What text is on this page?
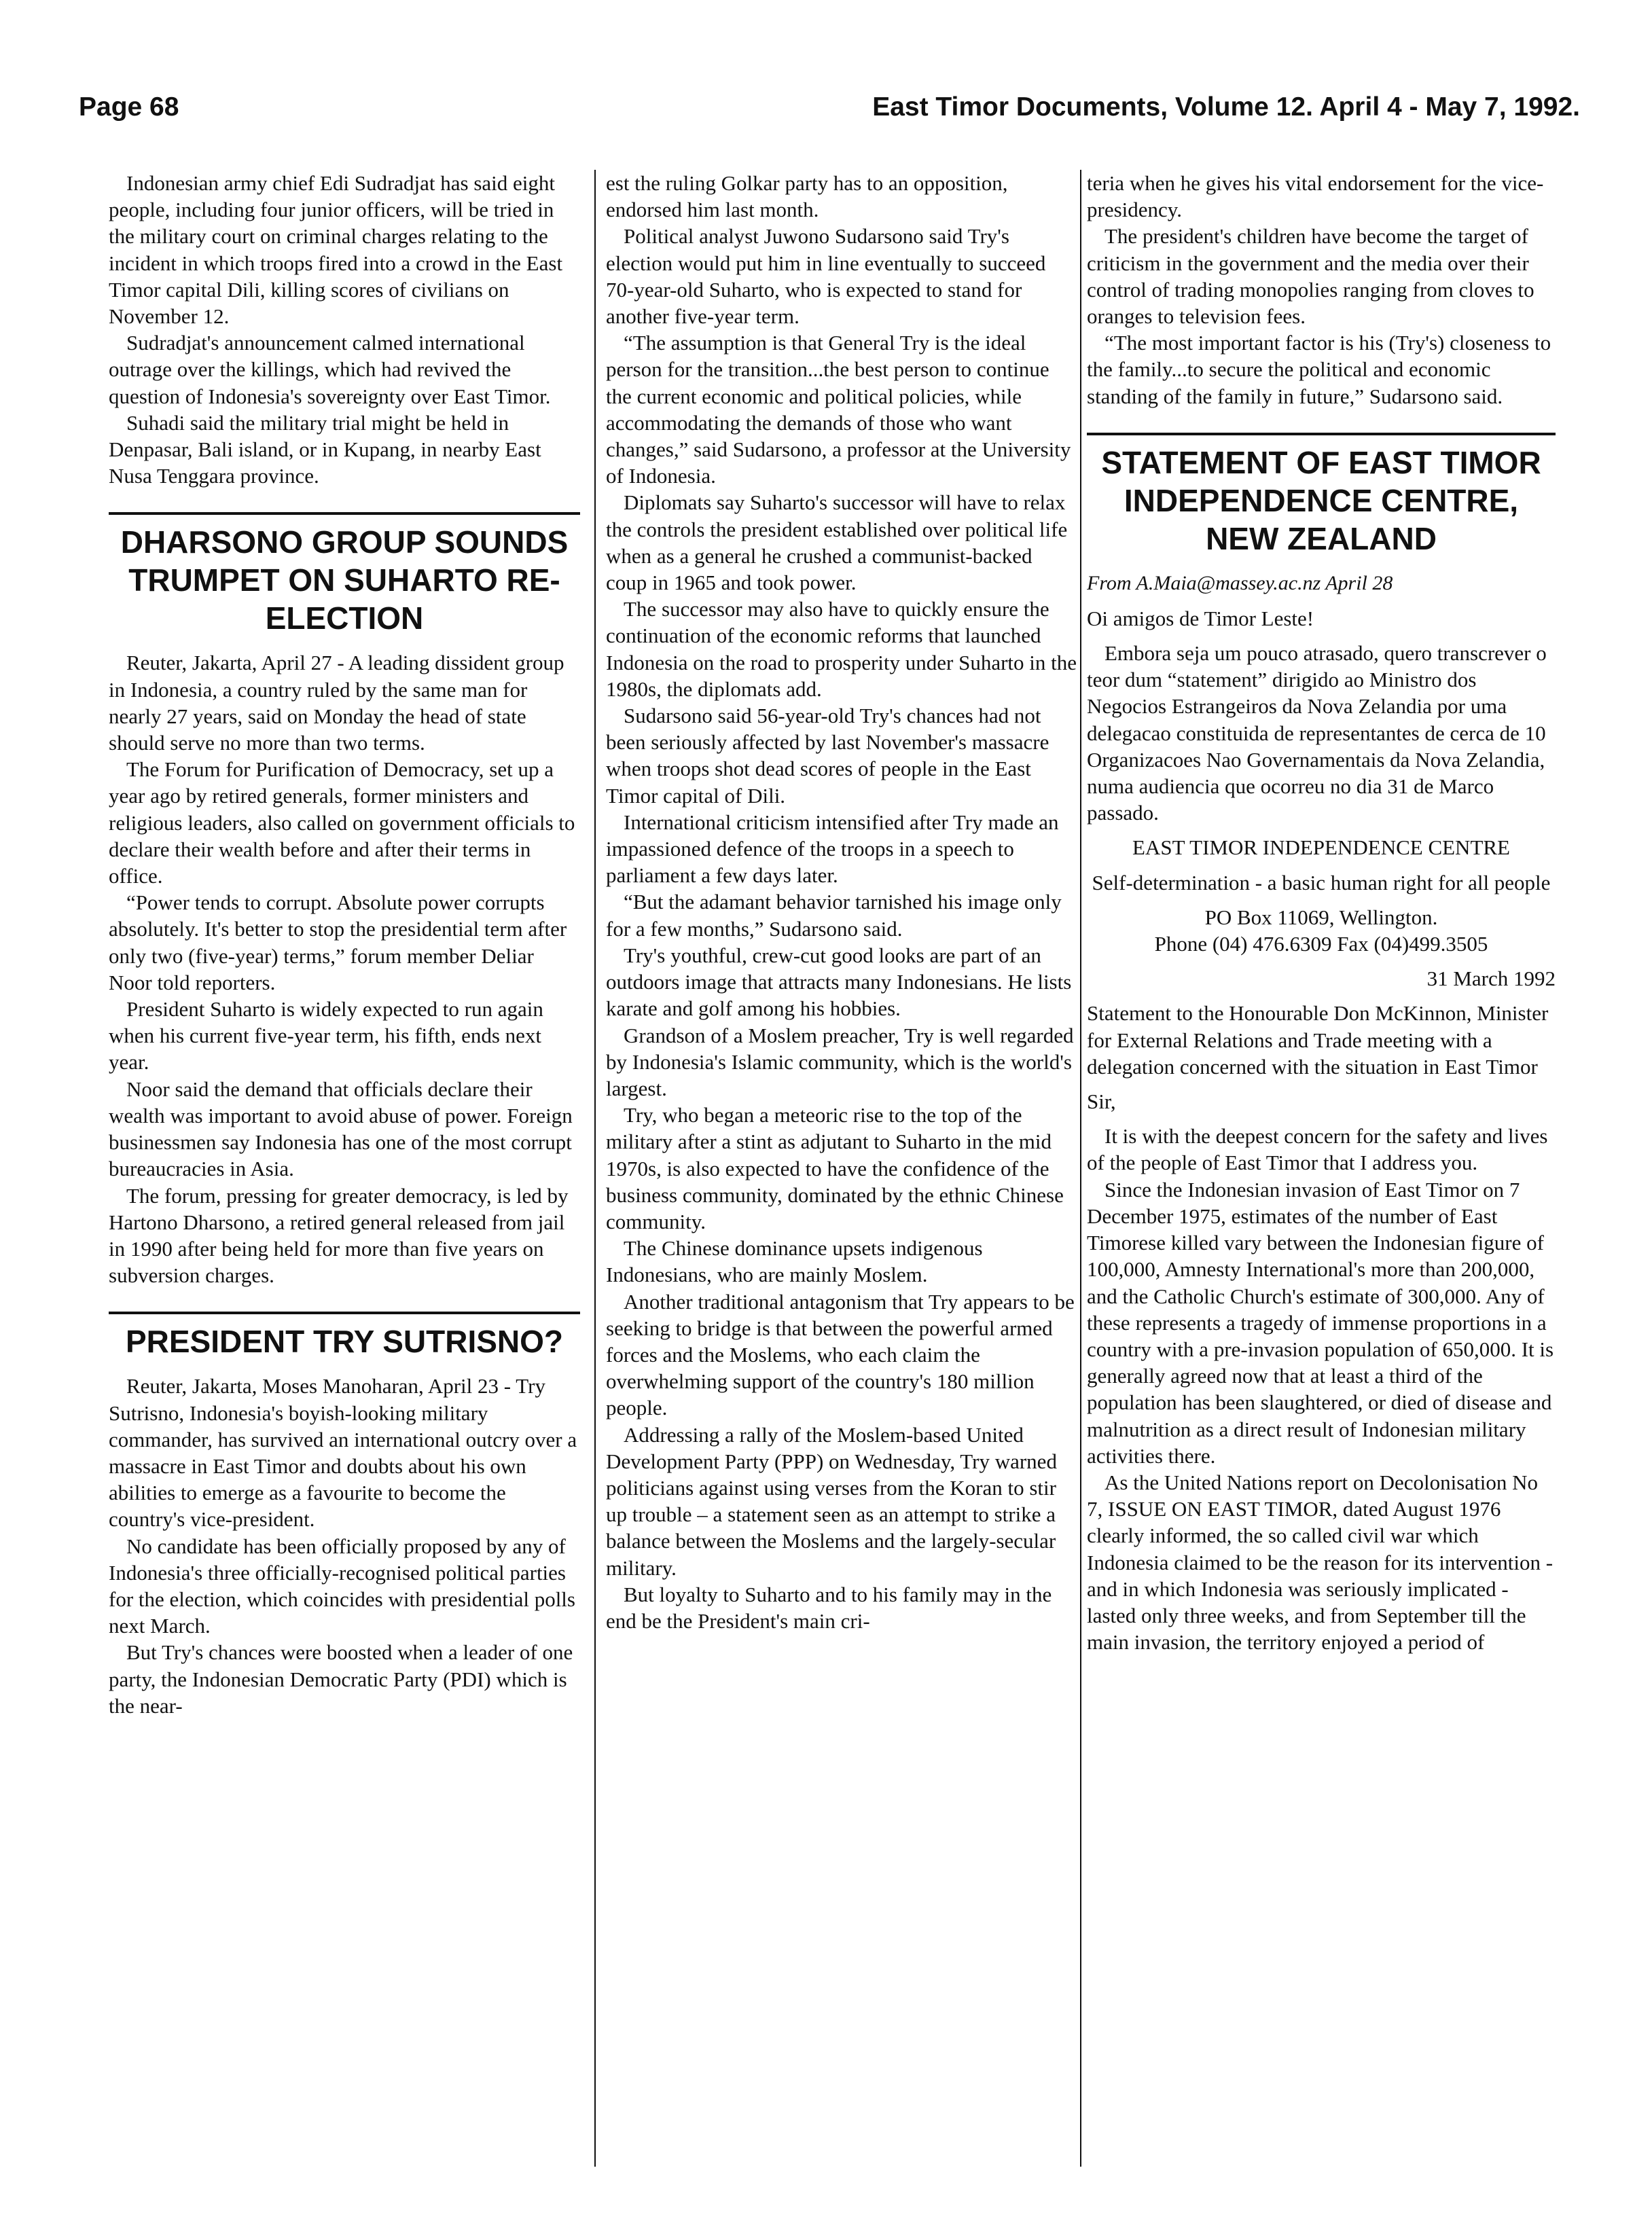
Page 68	East Timor Documents, Volume 12. April 4 - May 7, 1992.

Indonesian army chief Edi Sudradjat has said eight people, including four junior officers, will be tried in the military court on criminal charges relating to the incident in which troops fired into a crowd in the East Timor capital Dili, killing scores of civilians on November 12.

Sudradjat's announcement calmed international outrage over the killings, which had revived the question of Indonesia's sovereignty over East Timor.

Suhadi said the military trial might be held in Denpasar, Bali island, or in Kupang, in nearby East Nusa Tenggara province.

DHARSONO GROUP SOUNDS TRUMPET ON SUHARTO RE-ELECTION

Reuter, Jakarta, April 27 - A leading dissident group in Indonesia, a country ruled by the same man for nearly 27 years, said on Monday the head of state should serve no more than two terms.

The Forum for Purification of Democracy, set up a year ago by retired generals, former ministers and religious leaders, also called on government officials to declare their wealth before and after their terms in office.

“Power tends to corrupt. Absolute power corrupts absolutely. It's better to stop the presidential term after only two (five-year) terms,” forum member Deliar Noor told reporters.

President Suharto is widely expected to run again when his current five-year term, his fifth, ends next year.

Noor said the demand that officials declare their wealth was important to avoid abuse of power. Foreign businessmen say Indonesia has one of the most corrupt bureaucracies in Asia.

The forum, pressing for greater democracy, is led by Hartono Dharsono, a retired general released from jail in 1990 after being held for more than five years on subversion charges.

PRESIDENT TRY SUTRISNO?

Reuter, Jakarta, Moses Manoharan, April 23 - Try Sutrisno, Indonesia's boyish-looking military commander, has survived an international outcry over a massacre in East Timor and doubts about his own abilities to emerge as a favourite to become the country's vice-president.

No candidate has been officially proposed by any of Indonesia's three officially-recognised political parties for the election, which coincides with presidential polls next March.

But Try's chances were boosted when a leader of one party, the Indonesian Democratic Party (PDI) which is the near-

est the ruling Golkar party has to an opposition, endorsed him last month.

Political analyst Juwono Sudarsono said Try's election would put him in line eventually to succeed 70-year-old Suharto, who is expected to stand for another five-year term.

“The assumption is that General Try is the ideal person for the transition...the best person to continue the current economic and political policies, while accommodating the demands of those who want changes,” said Sudarsono, a professor at the University of Indonesia.

Diplomats say Suharto's successor will have to relax the controls the president established over political life when as a general he crushed a communist-backed coup in 1965 and took power.

The successor may also have to quickly ensure the continuation of the economic reforms that launched Indonesia on the road to prosperity under Suharto in the 1980s, the diplomats add.

Sudarsono said 56-year-old Try's chances had not been seriously affected by last November's massacre when troops shot dead scores of people in the East Timor capital of Dili.

International criticism intensified after Try made an impassioned defence of the troops in a speech to parliament a few days later.

“But the adamant behavior tarnished his image only for a few months,” Sudarsono said.

Try's youthful, crew-cut good looks are part of an outdoors image that attracts many Indonesians. He lists karate and golf among his hobbies.

Grandson of a Moslem preacher, Try is well regarded by Indonesia's Islamic community, which is the world's largest.

Try, who began a meteoric rise to the top of the military after a stint as adjutant to Suharto in the mid 1970s, is also expected to have the confidence of the business community, dominated by the ethnic Chinese community.

The Chinese dominance upsets indigenous Indonesians, who are mainly Moslem.

Another traditional antagonism that Try appears to be seeking to bridge is that between the powerful armed forces and the Moslems, who each claim the overwhelming support of the country's 180 million people.

Addressing a rally of the Moslem-based United Development Party (PPP) on Wednesday, Try warned politicians against using verses from the Koran to stir up trouble – a statement seen as an attempt to strike a balance between the Moslems and the largely-secular military.

But loyalty to Suharto and to his family may in the end be the President's main cri-

teria when he gives his vital endorsement for the vice-presidency.

The president's children have become the target of criticism in the government and the media over their control of trading monopolies ranging from cloves to oranges to television fees.

“The most important factor is his (Try's) closeness to the family...to secure the political and economic standing of the family in future,” Sudarsono said.

STATEMENT OF EAST TIMOR INDEPENDENCE CENTRE, NEW ZEALAND

From A.Maia@massey.ac.nz April 28

Oi amigos de Timor Leste!

Embora seja um pouco atrasado, quero transcrever o teor dum “statement” dirigido ao Ministro dos Negocios Estrangeiros da Nova Zelandia por uma delegacao constituida de representantes de cerca de 10 Organizacoes Nao Governamentais da Nova Zelandia, numa audiencia que ocorreu no dia 31 de Marco passado.

EAST TIMOR INDEPENDENCE CENTRE

Self-determination - a basic human right for all people

PO Box 11069, Wellington.

Phone (04) 476.6309 Fax (04)499.3505

31 March 1992

Statement to the Honourable Don McKinnon, Minister for External Relations and Trade meeting with a delegation concerned with the situation in East Timor

Sir,

It is with the deepest concern for the safety and lives of the people of East Timor that I address you.

Since the Indonesian invasion of East Timor on 7 December 1975, estimates of the number of East Timorese killed vary between the Indonesian figure of 100,000, Amnesty International's more than 200,000, and the Catholic Church's estimate of 300,000. Any of these represents a tragedy of immense proportions in a country with a pre-invasion population of 650,000. It is generally agreed now that at least a third of the population has been slaughtered, or died of disease and malnutrition as a direct result of Indonesian military activities there.

As the United Nations report on Decolonisation No 7, ISSUE ON EAST TIMOR, dated August 1976 clearly informed, the so called civil war which Indonesia claimed to be the reason for its intervention - and in which Indonesia was seriously implicated - lasted only three weeks, and from September till the main invasion, the territory enjoyed a period of
